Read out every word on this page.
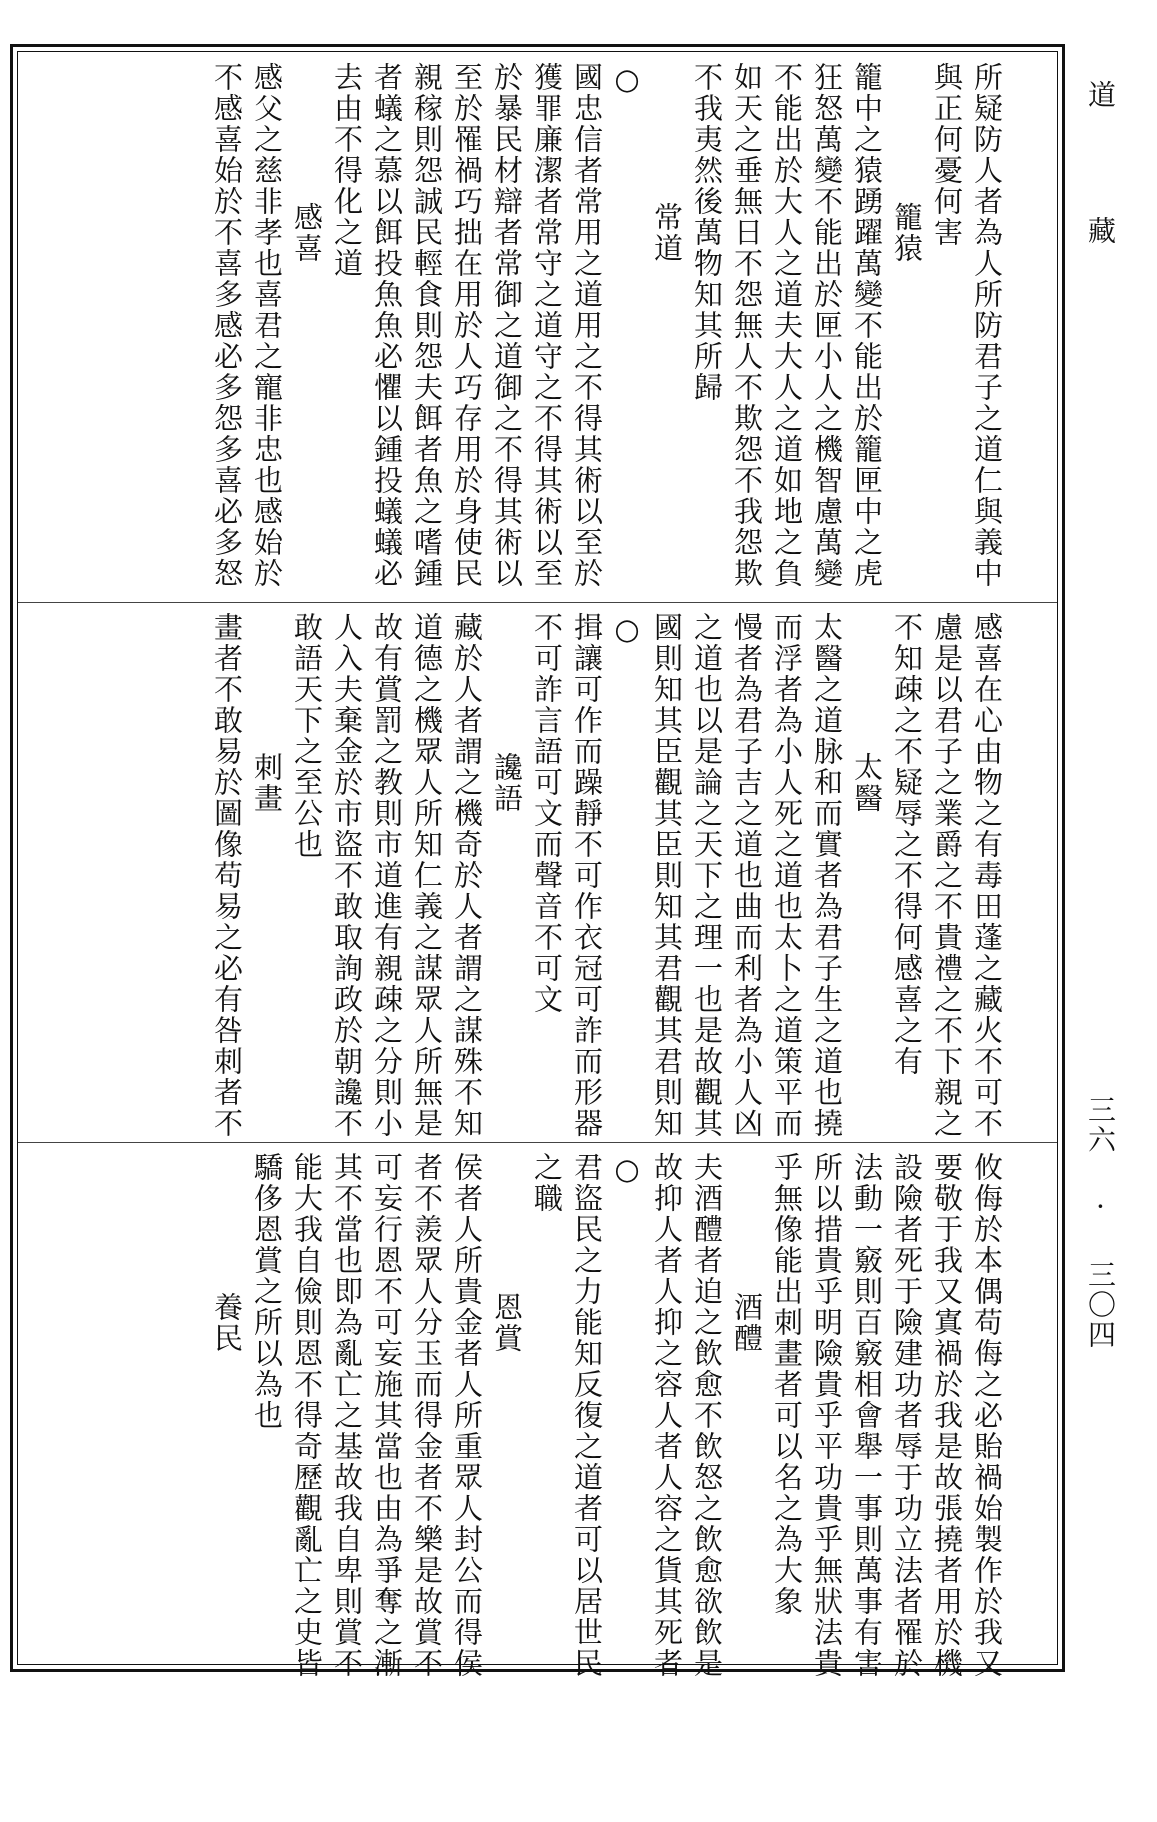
道　藏
所疑防人者為人所防君子之道仁與義中
與正何憂何害
籠猿
籠中之猿踴躍萬變不能出於籠匣中之虎
狂怒萬變不能出於匣小人之機智慮萬變
不能出於大人之道夫大人之道如地之負
如天之垂無日不怨無人不欺怨不我怨欺
不我夷然後萬物知其所歸
常道
○
國忠信者常用之道用之不得其術以至於
獲罪廉潔者常守之道守之不得其術以至
於暴民材辯者常御之道御之不得其術以
至於罹禍巧拙在用於人巧存用於身使民
親稼則怨誠民輕食則怨夫餌者魚之嗜鍾
者蟻之慕以餌投魚魚必懼以鍾投蟻蟻必
去由不得化之道
感喜
感父之慈非孝也喜君之寵非忠也感始於
不感喜始於不喜多感必多怨多喜必多怒
感喜在心由物之有毒田蓬之藏火不可不
慮是以君子之業爵之不貴禮之不下親之
不知疎之不疑辱之不得何感喜之有
太醫
太醫之道脉和而實者為君子生之道也撓
而浮者為小人死之道也太卜之道策平而
慢者為君子吉之道也曲而利者為小人凶
之道也以是論之天下之理一也是故觀其
國則知其臣觀其臣則知其君觀其君則知
○
揖讓可作而躁靜不可作衣冠可詐而形器
不可詐言語可文而聲音不可文
讒語
藏於人者謂之機奇於人者謂之謀殊不知
道德之機眾人所知仁義之謀眾人所無是
故有賞罰之教則市道進有親疎之分則小
人入夫棄金於市盜不敢取詢政於朝讒不
敢語天下之至公也
刺畫
畫者不敢易於圖像苟易之必有咎刺者不
攸侮於本偶苟侮之必貽禍始製作於我又
要敬于我又寘禍於我是故張撓者用於機
設險者死于險建功者辱于功立法者罹於
法動一竅則百竅相會舉一事則萬事有害
所以措貴乎明險貴乎平功貴乎無狀法貴
乎無像能出刺畫者可以名之為大象
酒醴
夫酒醴者迫之飲愈不飲怒之飲愈欲飲是
故抑人者人抑之容人者人容之貨其死者
○
君盜民之力能知反復之道者可以居世民
之職
恩賞
侯者人所貴金者人所重眾人封公而得侯
者不羨眾人分玉而得金者不樂是故賞不
可妄行恩不可妄施其當也由為爭奪之漸
其不當也即為亂亡之基故我自卑則賞不
能大我自儉則恩不得奇歷觀亂亡之史皆
驕侈恩賞之所以為也
養民	三六 · 三〇四
